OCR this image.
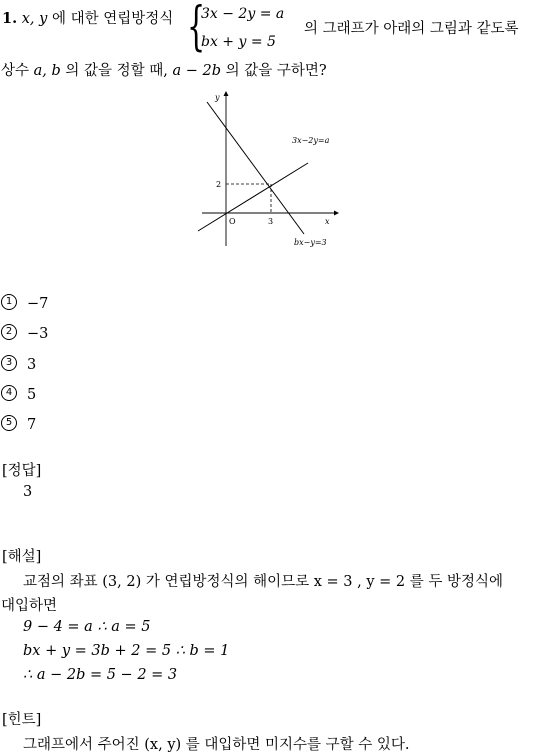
1. x, y 에 대한 연립방정식 {
3x − 2y = a
bx + y = 5
의 그래프가 아래의 그림과 같도록
상수 a, b 의 값을 정할 때, a − 2b 의 값을 구하면?
y
x
O	3
2
3x−2y=a
bx−y=3
1 −7
2 −3
3 3
4 5
5 7
[정답]
3
[해설]
교점의 좌표 (3, 2) 가 연립방정식의 해이므로 x = 3 , y = 2 를 두 방정식에
대입하면
9 − 4 = a ∴ a = 5
bx + y = 3b + 2 = 5 ∴ b = 1
∴ a − 2b = 5 − 2 = 3
[힌트]
그래프에서 주어진 (x, y) 를 대입하면 미지수를 구할 수 있다.
